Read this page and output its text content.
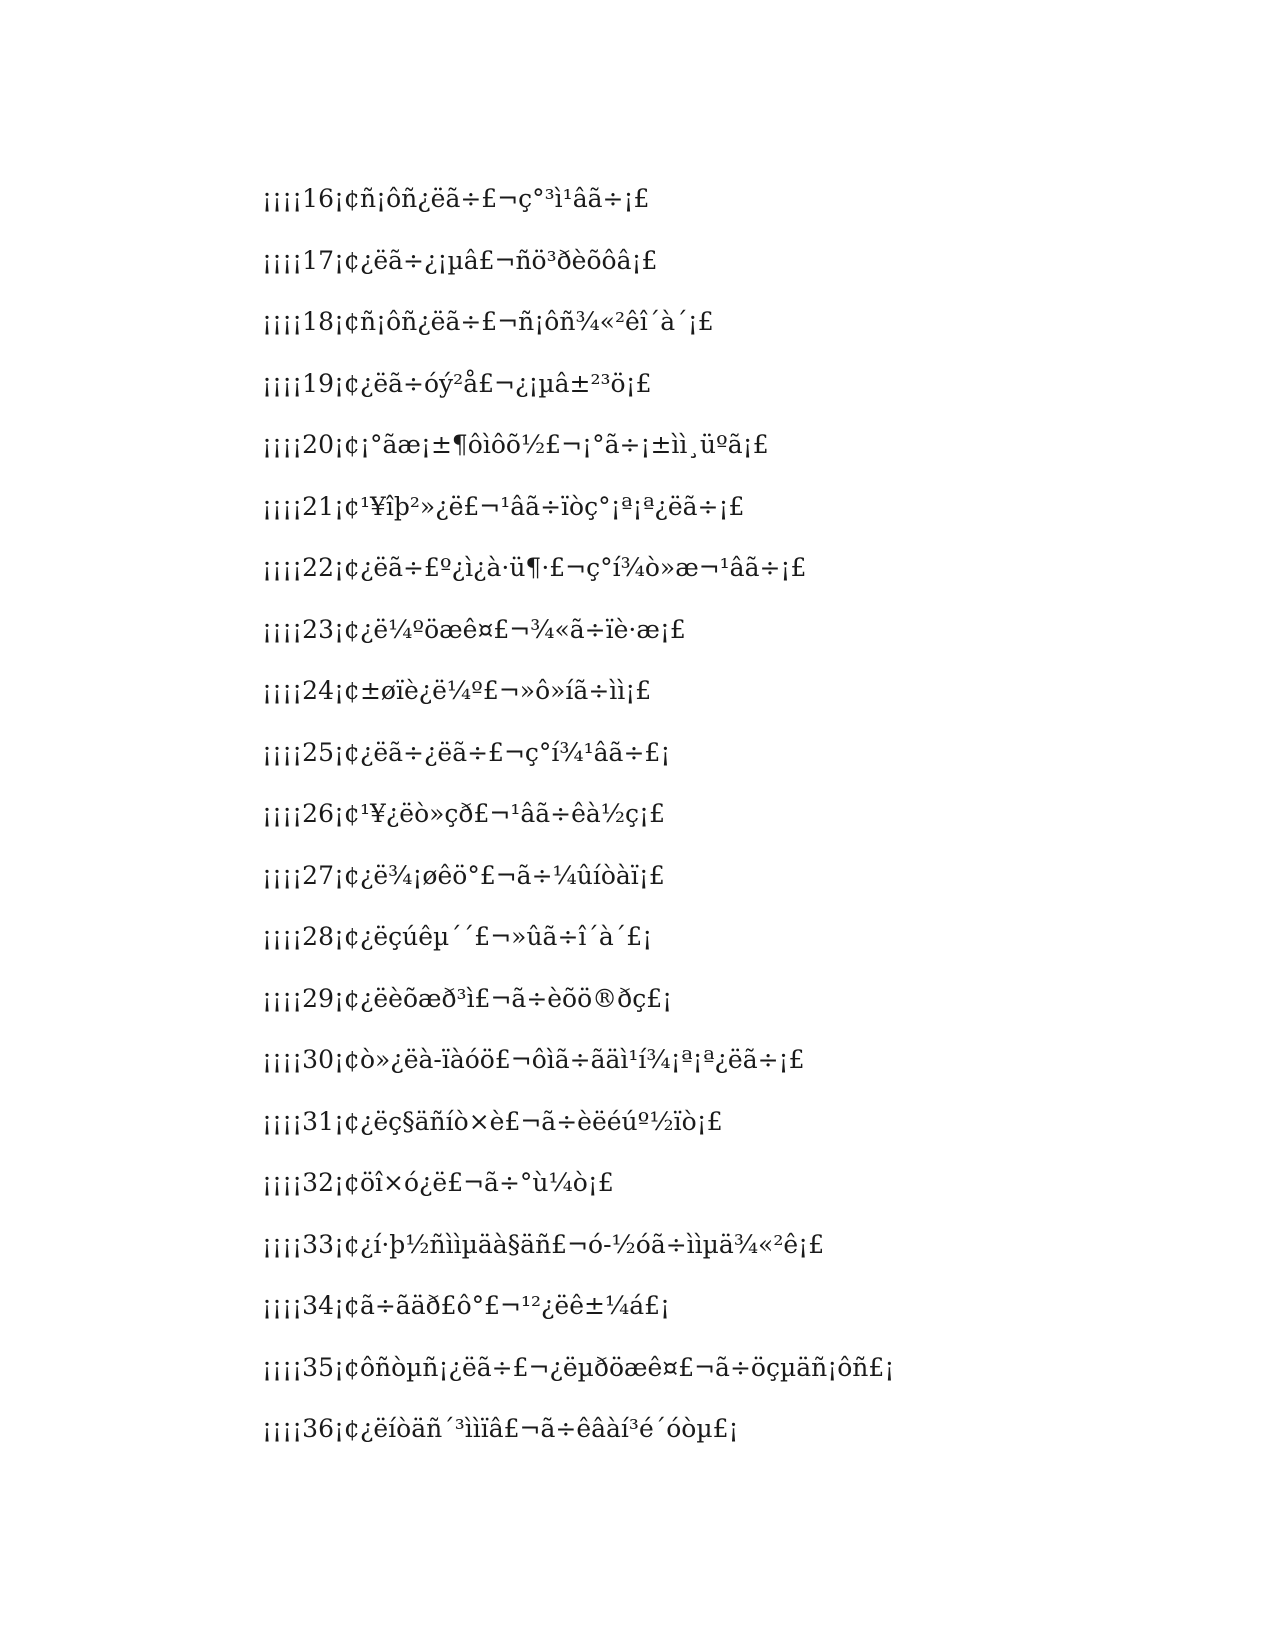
¡¡¡¡16¡¢ñ¡ôñ¿ëã÷£¬ç°³ì¹âã÷¡£
¡¡¡¡17¡¢¿ëã÷¿¡µâ£¬ñö³ðèõôâ¡£
¡¡¡¡18¡¢ñ¡ôñ¿ëã÷£¬ñ¡ôñ¾«²êî´à´¡£
¡¡¡¡19¡¢¿ëã÷óý²å£¬¿¡µâ±²³ö¡£
¡¡¡¡20¡¢¡°ãæ¡±¶ôìôõ½£¬¡°ã÷¡±ìì¸üºã¡£
¡¡¡¡21¡¢¹¥îþ²»¿ë£¬¹âã÷ïòç°¡ª¡ª¿ëã÷¡£
¡¡¡¡22¡¢¿ëã÷£º¿ì¿à·ü¶·£¬ç°í¾ò»æ¬¹âã÷¡£
¡¡¡¡23¡¢¿ë¼ºöæê¤£¬¾«ã÷ïè·æ¡£
¡¡¡¡24¡¢±øïè¿ë¼º£¬»ô»íã÷ìì¡£
¡¡¡¡25¡¢¿ëã÷¿ëã÷£¬ç°í¾¹âã÷£¡
¡¡¡¡26¡¢¹¥¿ëò»çð£¬¹âã÷êà½ç¡£
¡¡¡¡27¡¢¿ë¾¡øêö°£¬ã÷¼ûíòàï¡£
¡¡¡¡28¡¢¿ëçúêµ´´£¬»ûã÷î´à´£¡
¡¡¡¡29¡¢¿ëèõæð³ì£¬ã÷èõö®ðç£¡
¡¡¡¡30¡¢ò»¿ëà-ïàóö£¬ôìã÷ãäì¹í¾¡ª¡ª¿ëã÷¡£
¡¡¡¡31¡¢¿ëç§äñíò×è£¬ã÷èëéúº½ïò¡£
¡¡¡¡32¡¢öî×ó¿ë£¬ã÷°ù¼ò¡£
¡¡¡¡33¡¢¿í·þ½ñììµäà§äñ£¬ó-½óã÷ììµä¾«²ê¡£
¡¡¡¡34¡¢ã÷ãäð£ô°£¬¹²¿ëê±¼á£¡
¡¡¡¡35¡¢ôñòµñ¡¿ëã÷£¬¿ëµðöæê¤£¬ã÷öçµäñ¡ôñ£¡
¡¡¡¡36¡¢¿ëíòäñ´³ììïâ£¬ã÷êâàí³é´óòµ£¡
